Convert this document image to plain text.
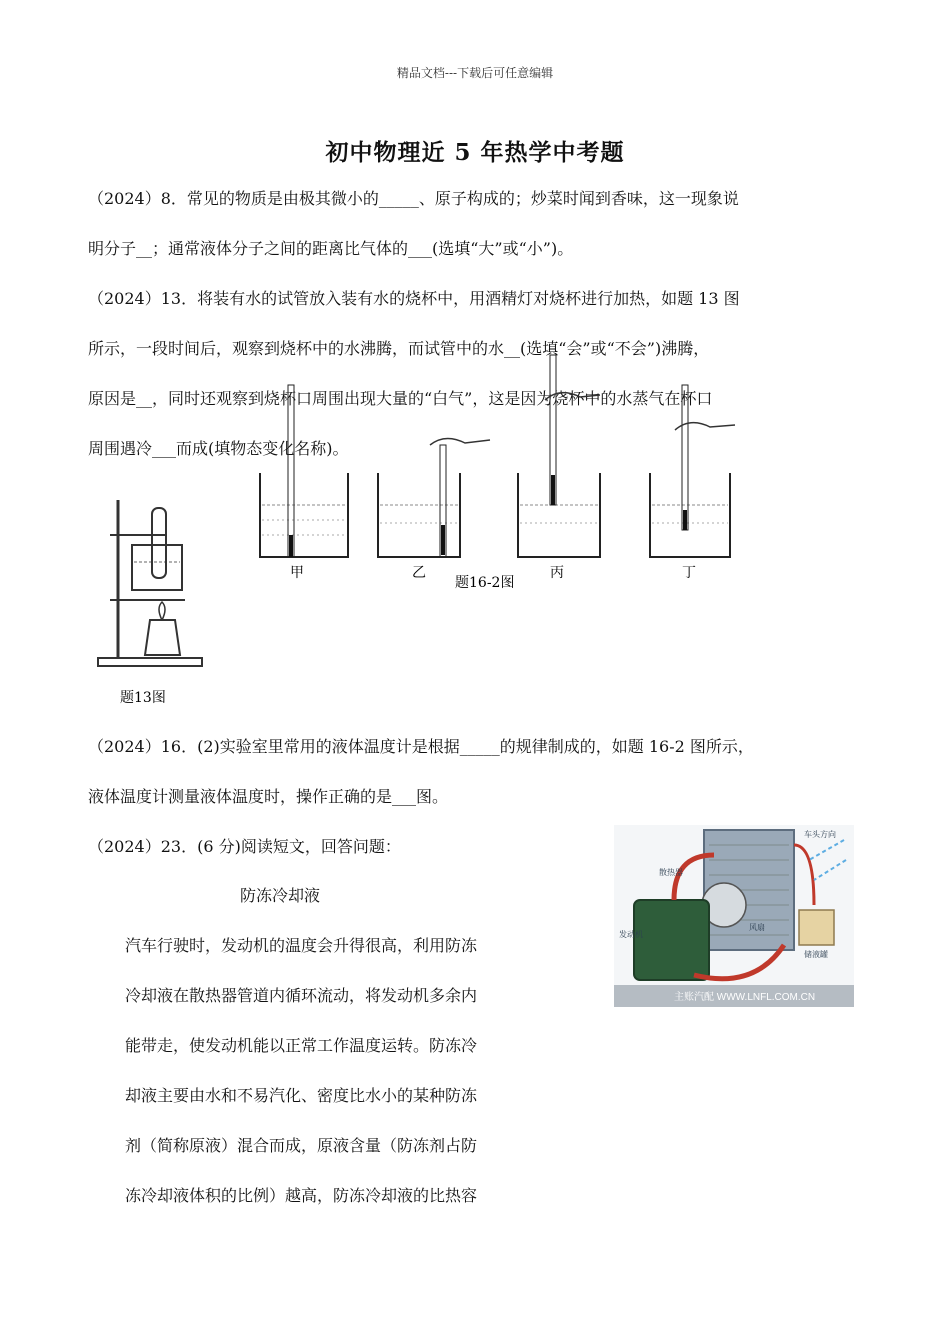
精品文档---下载后可任意编辑
初中物理近 5 年热学中考题
（2024）8．常见的物质是由极其微小的_____、原子构成的；炒菜时闻到香味，这一现象说
明分子__；通常液体分子之间的距离比气体的___(选填“大”或“小”)。
（2024）13．将装有水的试管放入装有水的烧杯中，用酒精灯对烧杯进行加热，如题 13 图
所示，一段时间后，观察到烧杯中的水沸腾，而试管中的水__(选填“会”或“不会”)沸腾，
原因是__，同时还观察到烧杯口周围出现大量的“白气”，这是因为烧杯中的水蒸气在杯口
周围遇冷___而成(填物态变化名称)。
题13图
甲	乙	丙	丁
题16-2图
（2024）16．(2)实验室里常用的液体温度计是根据_____的规律制成的，如题 16-2 图所示，
液体温度计测量液体温度时，操作正确的是___图。
（2024）23．(6 分)阅读短文，回答问题：
防冻冷却液
汽车行驶时，发动机的温度会升得很高，利用防冻
冷却液在散热器管道内循环流动，将发动机多余内
能带走，使发动机能以正常工作温度运转。防冻冷
却液主要由水和不易汽化、密度比水小的某种防冻
剂（简称原液）混合而成，原液含量（防冻剂占防
冻冷却液体积的比例）越高，防冻冷却液的比热容
车头方向
散热器
发动机
风扇
储液罐
主账汽配 WWW.LNFL.COM.CN
